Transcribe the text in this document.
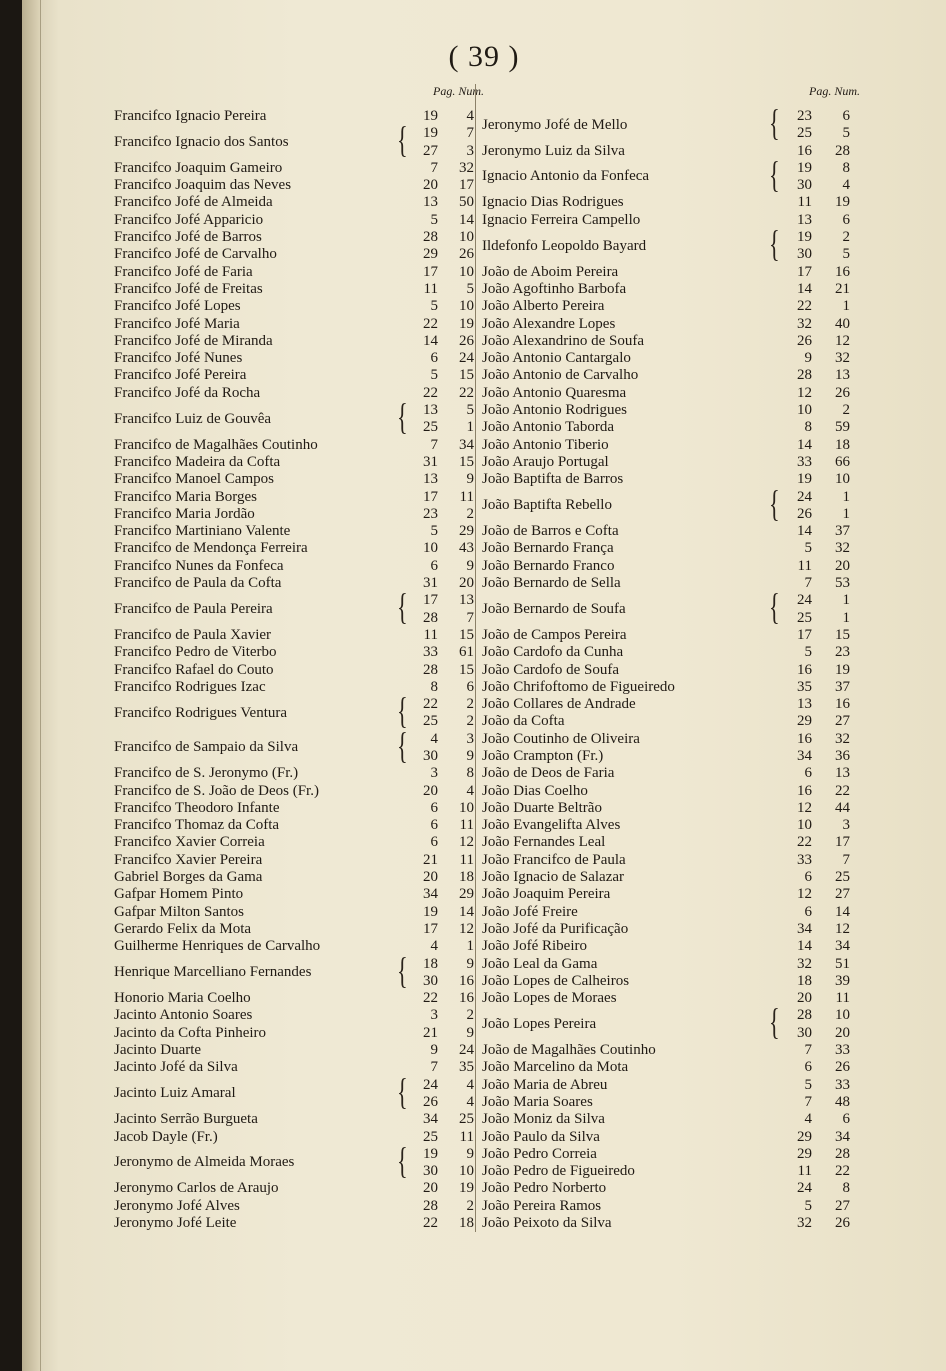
( 39 )
Pag. Num.
Francifco Ignacio Pereira	19	4
Francifco Ignacio dos Santos	{	19	7
27	3
Francifco Joaquim Gameiro	7	32
Francifco Joaquim das Neves	20	17
Francifco Jofé de Almeida	13	50
Francifco Jofé Apparicio	5	14
Francifco Jofé de Barros	28	10
Francifco Jofé de Carvalho	29	26
Francifco Jofé de Faria	17	10
Francifco Jofé de Freitas	11	5
Francifco Jofé Lopes	5	10
Francifco Jofé Maria	22	19
Francifco Jofé de Miranda	14	26
Francifco Jofé Nunes	6	24
Francifco Jofé Pereira	5	15
Francifco Jofé da Rocha	22	22
Francifco Luiz de Gouvêa	{	13	5
25	1
Francifco de Magalhães Coutinho	7	34
Francifco Madeira da Cofta	31	15
Francifco Manoel Campos	13	9
Francifco Maria Borges	17	11
Francifco Maria Jordão	23	2
Francifco Martiniano Valente	5	29
Francifco de Mendonça Ferreira	10	43
Francifco Nunes da Fonfeca	6	9
Francifco de Paula da Cofta	31	20
Francifco de Paula Pereira	{	17	13
28	7
Francifco de Paula Xavier	11	15
Francifco Pedro de Viterbo	33	61
Francifco Rafael do Couto	28	15
Francifco Rodrigues Izac	8	6
Francifco Rodrigues Ventura	{	22	2
25	2
Francifco de Sampaio da Silva	{	4	3
30	9
Francifco de S. Jeronymo (Fr.)	3	8
Francifco de S. João de Deos (Fr.)	20	4
Francifco Theodoro Infante	6	10
Francifco Thomaz da Cofta	6	11
Francifco Xavier Correia	6	12
Francifco Xavier Pereira	21	11
Gabriel Borges da Gama	20	18
Gafpar Homem Pinto	34	29
Gafpar Milton Santos	19	14
Gerardo Felix da Mota	17	12
Guilherme Henriques de Carvalho	4	1
Henrique Marcelliano Fernandes {	18	9
30	16
Honorio Maria Coelho	22	16
Jacinto Antonio Soares	3	2
Jacinto da Cofta Pinheiro	21	9
Jacinto Duarte	9	24
Jacinto Jofé da Silva	7	35
Jacinto Luiz Amaral	{	24	4
26	4
Jacinto Serrão Burgueta	34	25
Jacob Dayle (Fr.)	25	11
Jeronymo de Almeida Moraes	{	19	9
30	10
Jeronymo Carlos de Araujo	20	19
Jeronymo Jofé Alves	28	2
Jeronymo Jofé Leite	22	18
Pag. Num.
Jeronymo Jofé de Mello	{	23	6
25	5
Jeronymo Luiz da Silva	16	28
Ignacio Antonio da Fonfeca	{	19	8
30	4
Ignacio Dias Rodrigues	11	19
Ignacio Ferreira Campello	13	6
Ildefonfo Leopoldo Bayard	{	19	2
30	5
João de Aboim Pereira	17	16
João Agoftinho Barbofa	14	21
João Alberto Pereira	22	1
João Alexandre Lopes	32	40
João Alexandrino de Soufa	26	12
João Antonio Cantargalo	9	32
João Antonio de Carvalho	28	13
João Antonio Quaresma	12	26
João Antonio Rodrigues	10	2
João Antonio Taborda	8	59
João Antonio Tiberio	14	18
João Araujo Portugal	33	66
João Baptifta de Barros	19	10
João Baptifta Rebello	{	24	1
26	1
João de Barros e Cofta	14	37
João Bernardo França	5	32
João Bernardo Franco	11	20
João Bernardo de Sella	7	53
João Bernardo de Soufa	{	24	1
25	1
João de Campos Pereira	17	15
João Cardofo da Cunha	5	23
João Cardofo de Soufa	16	19
João Chrifoftomo de Figueiredo	35	37
João Collares de Andrade	13	16
João da Cofta	29	27
João Coutinho de Oliveira	16	32
João Crampton (Fr.)	34	36
João de Deos de Faria	6	13
João Dias Coelho	16	22
João Duarte Beltrão	12	44
João Evangelifta Alves	10	3
João Fernandes Leal	22	17
João Francifco de Paula	33	7
João Ignacio de Salazar	6	25
João Joaquim Pereira	12	27
João Jofé Freire	6	14
João Jofé da Purificação	34	12
João Jofé Ribeiro	14	34
João Leal da Gama	32	51
João Lopes de Calheiros	18	39
João Lopes de Moraes	20	11
João Lopes Pereira	{	28	10
30	20
João de Magalhães Coutinho	7	33
João Marcelino da Mota	6	26
João Maria de Abreu	5	33
João Maria Soares	7	48
João Moniz da Silva	4	6
João Paulo da Silva	29	34
João Pedro Correia	29	28
João Pedro de Figueiredo	11	22
João Pedro Norberto	24	8
João Pereira Ramos	5	27
João Peixoto da Silva	32	26
